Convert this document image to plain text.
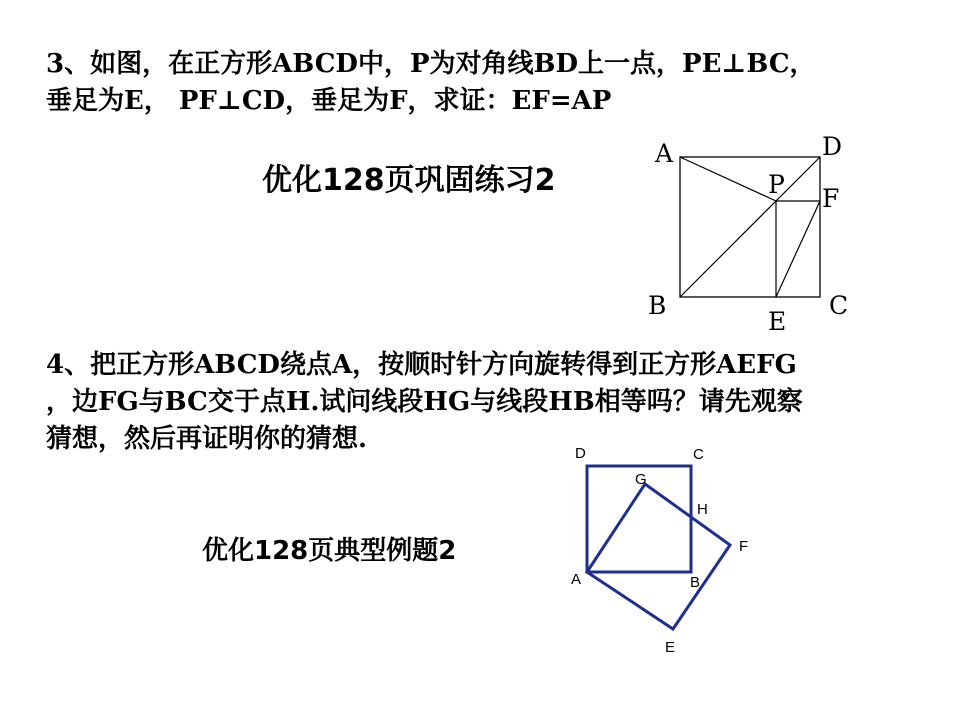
3、如图，在正方形ABCD中，P为对角线BD上一点，PE⊥BC，
垂足为E， PF⊥CD，垂足为F，求证：EF=AP
优化128页巩固练习2
A	D
P F
B	C
E
4、把正方形ABCD绕点A，按顺时针方向旋转得到正方形AEFG
，边FG与BC交于点H.试问线段HG与线段HB相等吗？请先观察
猜想，然后再证明你的猜想.
优化128页典型例题2
D	C
G
H
F
A	B
E
